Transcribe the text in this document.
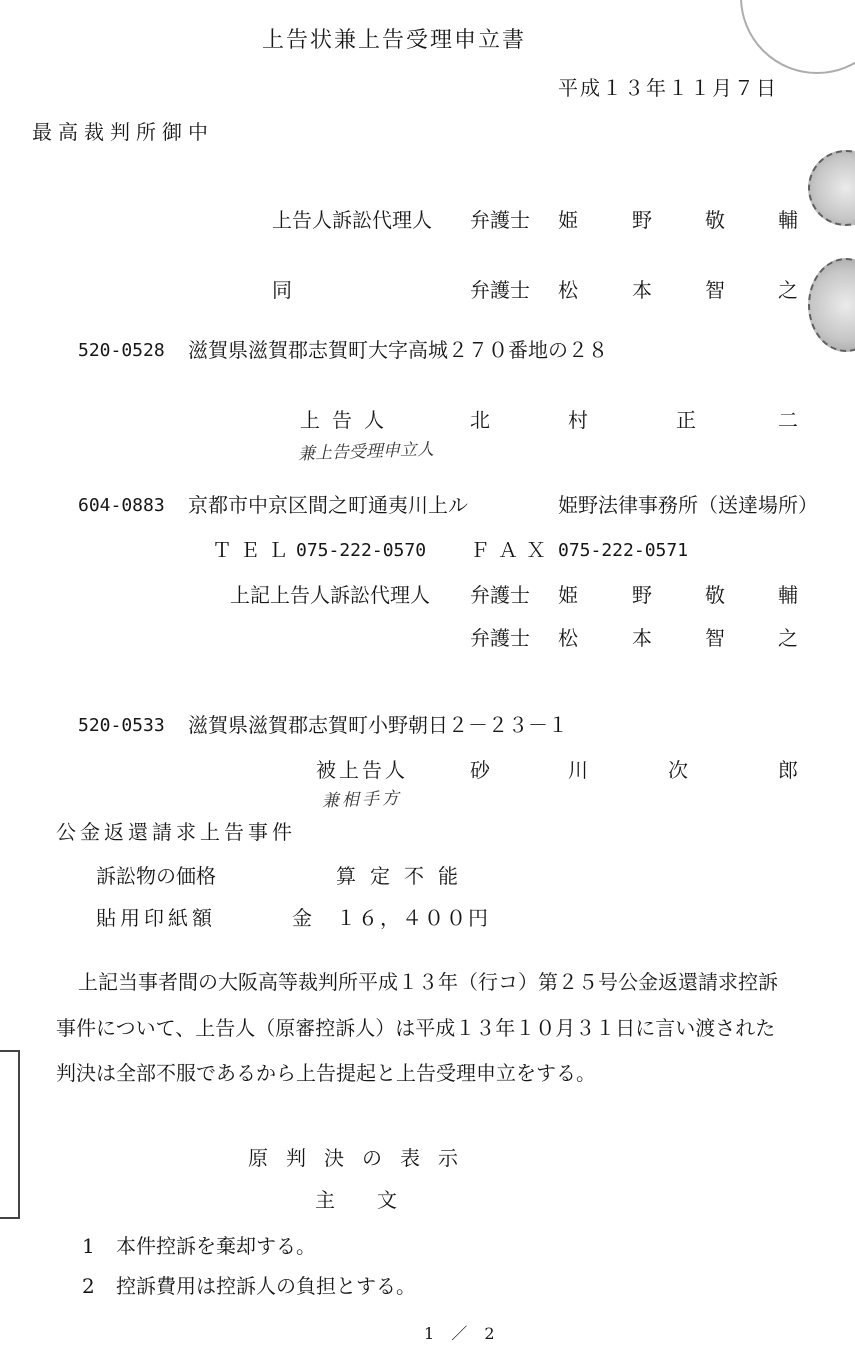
上告状兼上告受理申立書
平成１３年１１月７日
最高裁判所御中
上告人訴訟代理人 弁護士 姫	野	敬	輔
同	弁護士 松	本	智	之
520-0528 滋賀県滋賀郡志賀町大字高城２７０番地の２８
上告人	北	村	正	二
兼上告受理申立人
604-0883 京都市中京区間之町通夷川上ル	姫野法律事務所（送達場所）
ＴＥＬ 075-222-0570 ＦＡＸ 075-222-0571
上記上告人訴訟代理人 弁護士 姫	野	敬	輔
弁護士 松	本	智	之
520-0533 滋賀県滋賀郡志賀町小野朝日２－２３－１
被上告人	砂	川	次	郎
兼相手方
公金返還請求上告事件
訴訟物の価格	算定不能
貼用印紙額	金　１６，４００円
上記当事者間の大阪高等裁判所平成１３年（行コ）第２５号公金返還請求控訴
事件について、上告人（原審控訴人）は平成１３年１０月３１日に言い渡された
判決は全部不服であるから上告提起と上告受理申立をする。
原判決の表示
主文
1 本件控訴を棄却する。
2 控訴費用は控訴人の負担とする。
1 ／ 2
